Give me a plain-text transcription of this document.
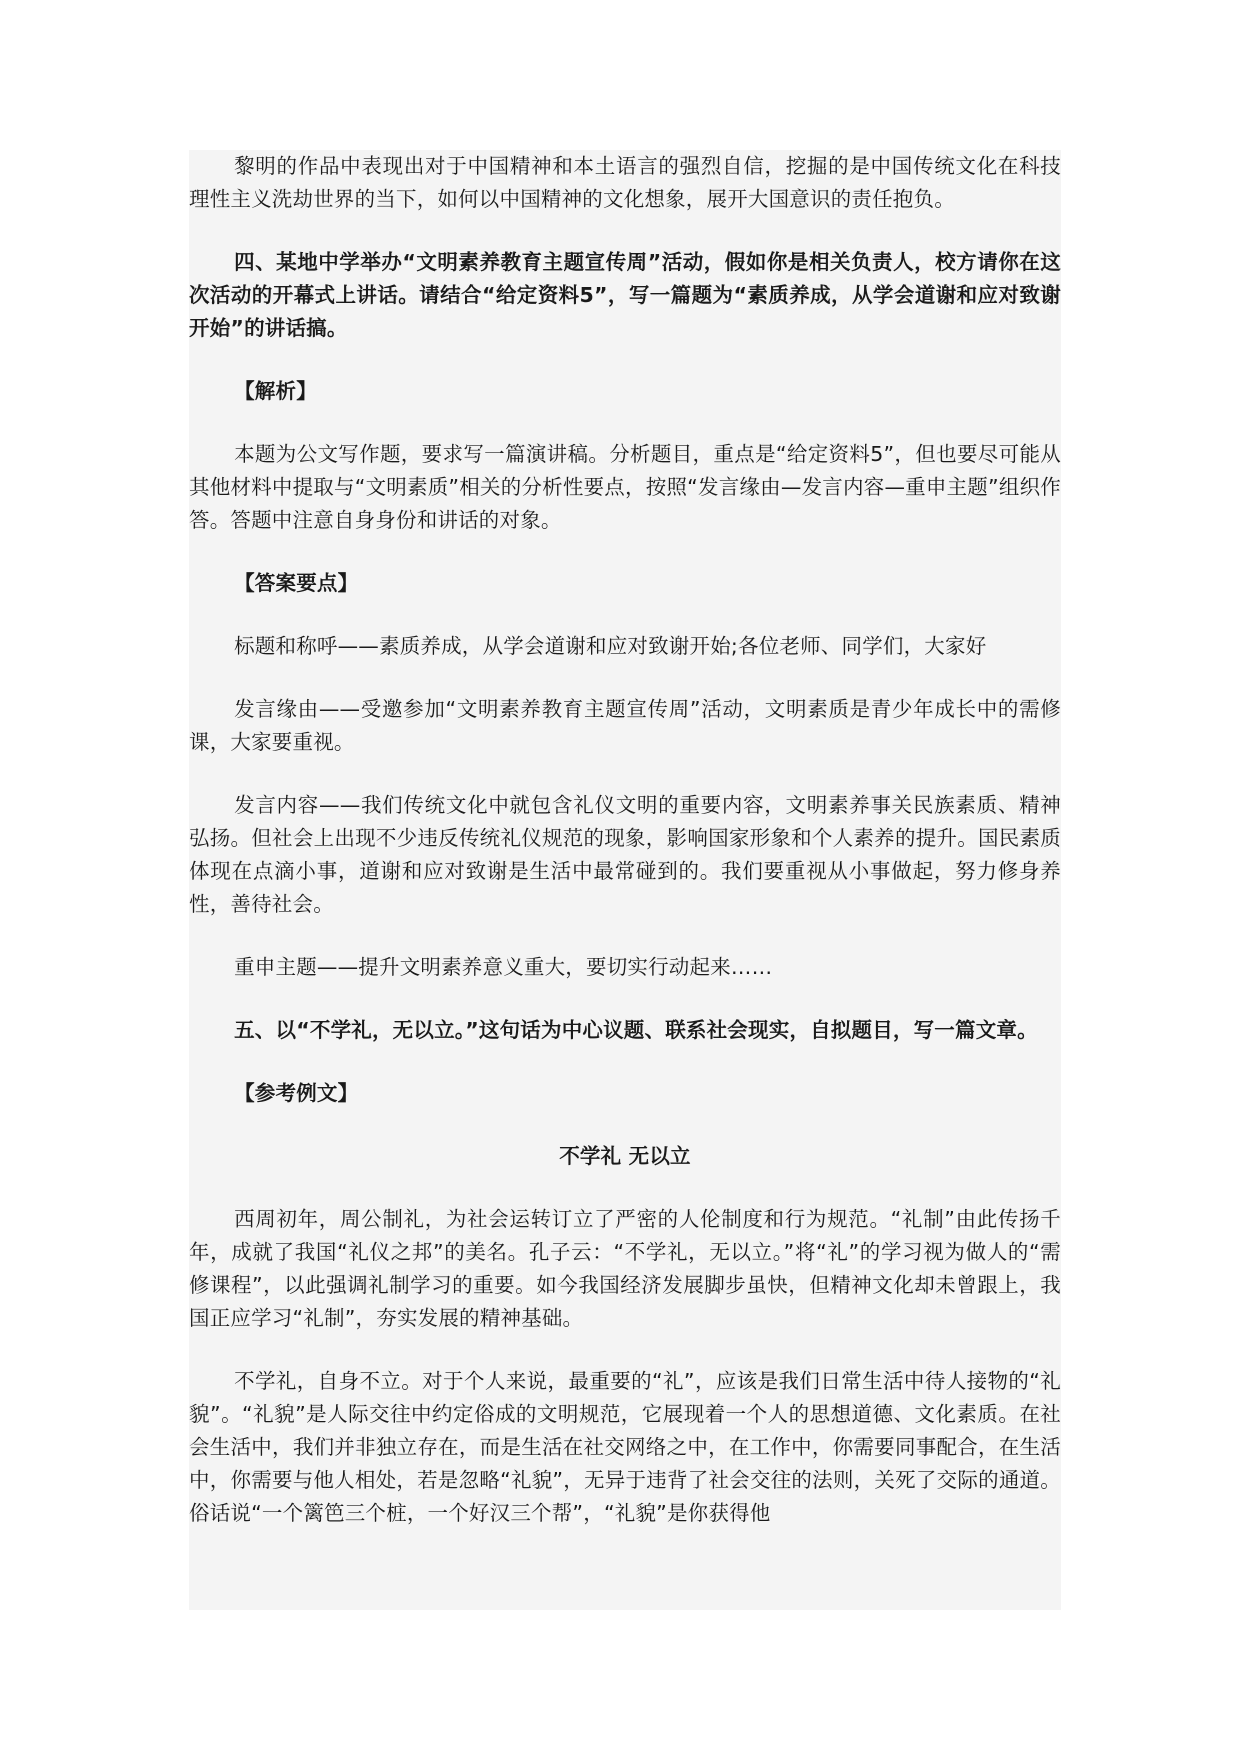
黎明的作品中表现出对于中国精神和本土语言的强烈自信，挖掘的是中国传统文化在科技理性主义洗劫世界的当下，如何以中国精神的文化想象，展开大国意识的责任抱负。

四、某地中学举办“文明素养教育主题宣传周”活动，假如你是相关负责人，校方请你在这次活动的开幕式上讲话。请结合“给定资料5”，写一篇题为“素质养成，从学会道谢和应对致谢开始”的讲话搞。

【解析】

本题为公文写作题，要求写一篇演讲稿。分析题目，重点是“给定资料5”，但也要尽可能从其他材料中提取与“文明素质”相关的分析性要点，按照“发言缘由—发言内容—重申主题”组织作答。答题中注意自身身份和讲话的对象。

【答案要点】

标题和称呼——素质养成，从学会道谢和应对致谢开始;各位老师、同学们，大家好

发言缘由——受邀参加“文明素养教育主题宣传周”活动，文明素质是青少年成长中的需修课，大家要重视。

发言内容——我们传统文化中就包含礼仪文明的重要内容，文明素养事关民族素质、精神弘扬。但社会上出现不少违反传统礼仪规范的现象，影响国家形象和个人素养的提升。国民素质体现在点滴小事，道谢和应对致谢是生活中最常碰到的。我们要重视从小事做起，努力修身养性，善待社会。

重申主题——提升文明素养意义重大，要切实行动起来……

五、以“不学礼，无以立。”这句话为中心议题、联系社会现实，自拟题目，写一篇文章。

【参考例文】

不学礼 无以立

西周初年，周公制礼，为社会运转订立了严密的人伦制度和行为规范。“礼制”由此传扬千年，成就了我国“礼仪之邦”的美名。孔子云：“不学礼，无以立。”将“礼”的学习视为做人的“需修课程”，以此强调礼制学习的重要。如今我国经济发展脚步虽快，但精神文化却未曾跟上，我国正应学习“礼制”，夯实发展的精神基础。

不学礼，自身不立。对于个人来说，最重要的“礼”，应该是我们日常生活中待人接物的“礼貌”。“礼貌”是人际交往中约定俗成的文明规范，它展现着一个人的思想道德、文化素质。在社会生活中，我们并非独立存在，而是生活在社交网络之中，在工作中，你需要同事配合，在生活中，你需要与他人相处，若是忽略“礼貌”，无异于违背了社会交往的法则，关死了交际的通道。俗话说“一个篱笆三个桩，一个好汉三个帮”，“礼貌”是你获得他
